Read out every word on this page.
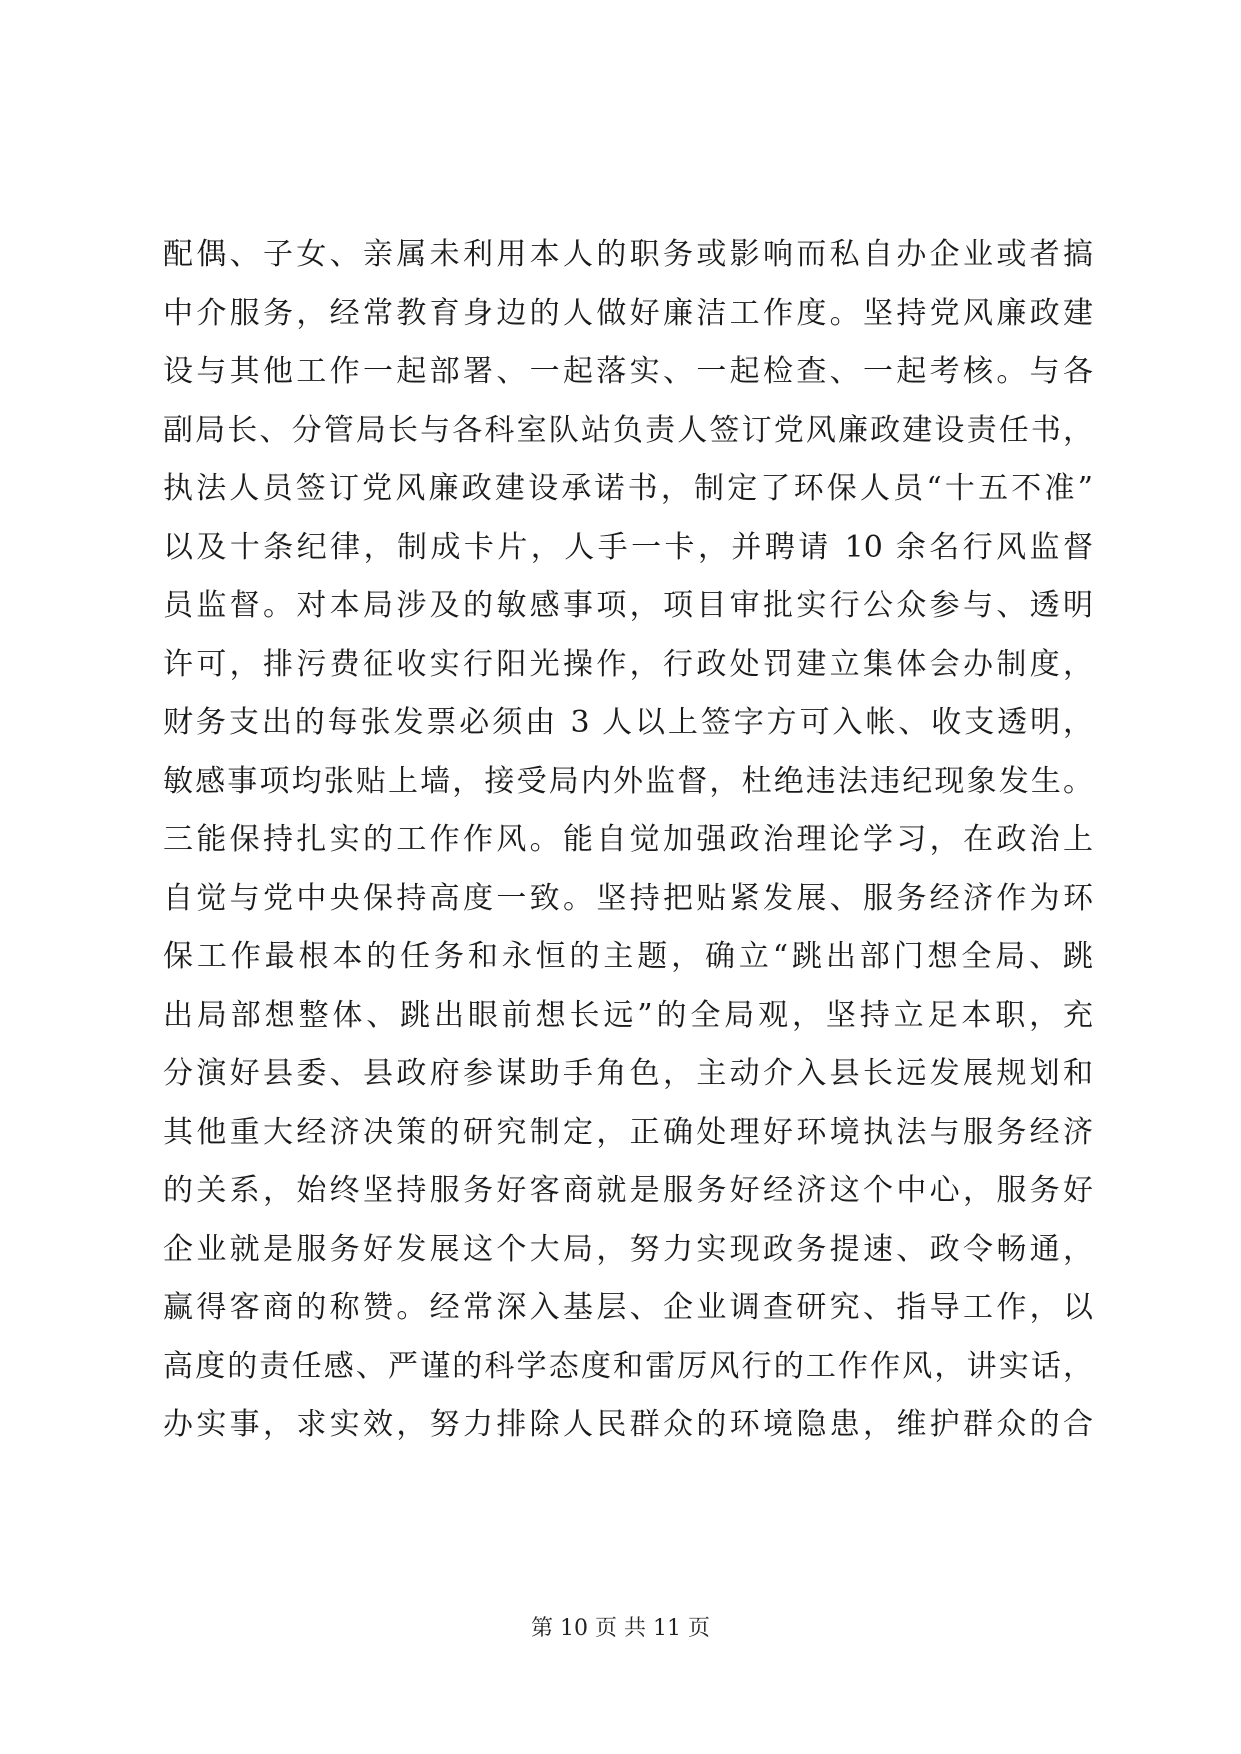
配偶、子女、亲属未利用本人的职务或影响而私自办企业或者搞
中介服务，经常教育身边的人做好廉洁工作度。坚持党风廉政建
设与其他工作一起部署、一起落实、一起检查、一起考核。与各
副局长、分管局长与各科室队站负责人签订党风廉政建设责任书，
执法人员签订党风廉政建设承诺书，制定了环保人员“十五不准”
以及十条纪律，制成卡片，人手一卡，并聘请 10 余名行风监督
员监督。对本局涉及的敏感事项，项目审批实行公众参与、透明
许可，排污费征收实行阳光操作，行政处罚建立集体会办制度，
财务支出的每张发票必须由 3 人以上签字方可入帐、收支透明，
敏感事项均张贴上墙，接受局内外监督，杜绝违法违纪现象发生。
三能保持扎实的工作作风。能自觉加强政治理论学习，在政治上
自觉与党中央保持高度一致。坚持把贴紧发展、服务经济作为环
保工作最根本的任务和永恒的主题，确立“跳出部门想全局、跳
出局部想整体、跳出眼前想长远”的全局观，坚持立足本职，充
分演好县委、县政府参谋助手角色，主动介入县长远发展规划和
其他重大经济决策的研究制定，正确处理好环境执法与服务经济
的关系，始终坚持服务好客商就是服务好经济这个中心，服务好
企业就是服务好发展这个大局，努力实现政务提速、政令畅通，
赢得客商的称赞。经常深入基层、企业调查研究、指导工作，以
高度的责任感、严谨的科学态度和雷厉风行的工作作风，讲实话，
办实事，求实效，努力排除人民群众的环境隐患，维护群众的合
第 10 页 共 11 页
